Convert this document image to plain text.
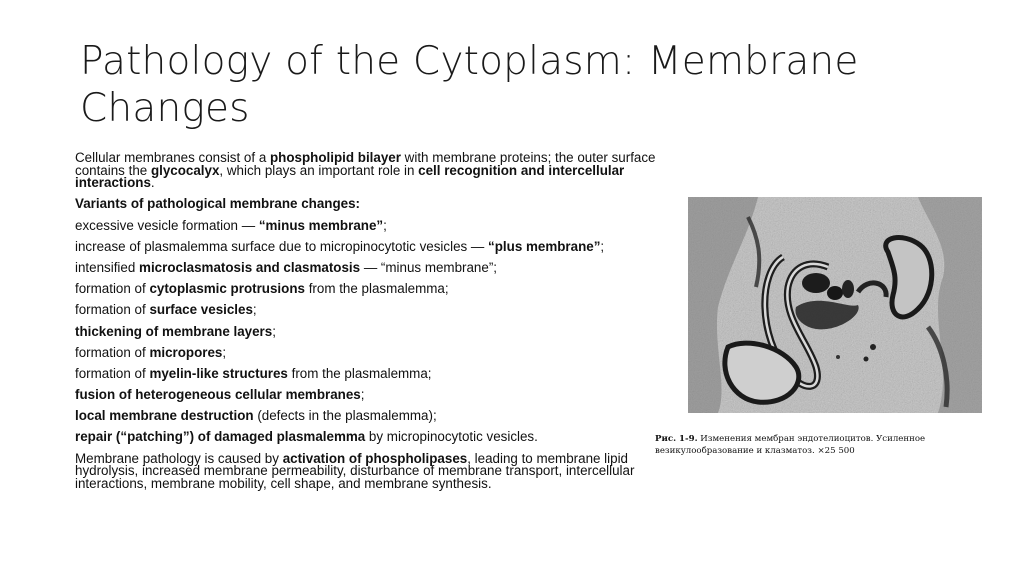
Pathology of the Cytoplasm: Membrane
Changes

Cellular membranes consist of a phospholipid bilayer with membrane proteins; the outer surface contains the glycocalyx, which plays an important role in cell recognition and intercellular interactions.

Variants of pathological membrane changes:

excessive vesicle formation — “minus membrane”;

increase of plasmalemma surface due to micropinocytotic vesicles — “plus membrane”;

intensified microclasmatosis and clasmatosis — “minus membrane”;

formation of cytoplasmic protrusions from the plasmalemma;

formation of surface vesicles;

thickening of membrane layers;

formation of micropores;

formation of myelin-like structures from the plasmalemma;

fusion of heterogeneous cellular membranes;

local membrane destruction (defects in the plasmalemma);

repair (“patching”) of damaged plasmalemma by micropinocytotic vesicles.

Membrane pathology is caused by activation of phospholipases, leading to membrane lipid hydrolysis, increased membrane permeability, disturbance of membrane transport, intercellular interactions, membrane mobility, cell shape, and membrane synthesis.

Рис. 1-9. Изменения мембран эндотелиоцитов. Усиленное везикулообразование и клазматоз. ×25 500
